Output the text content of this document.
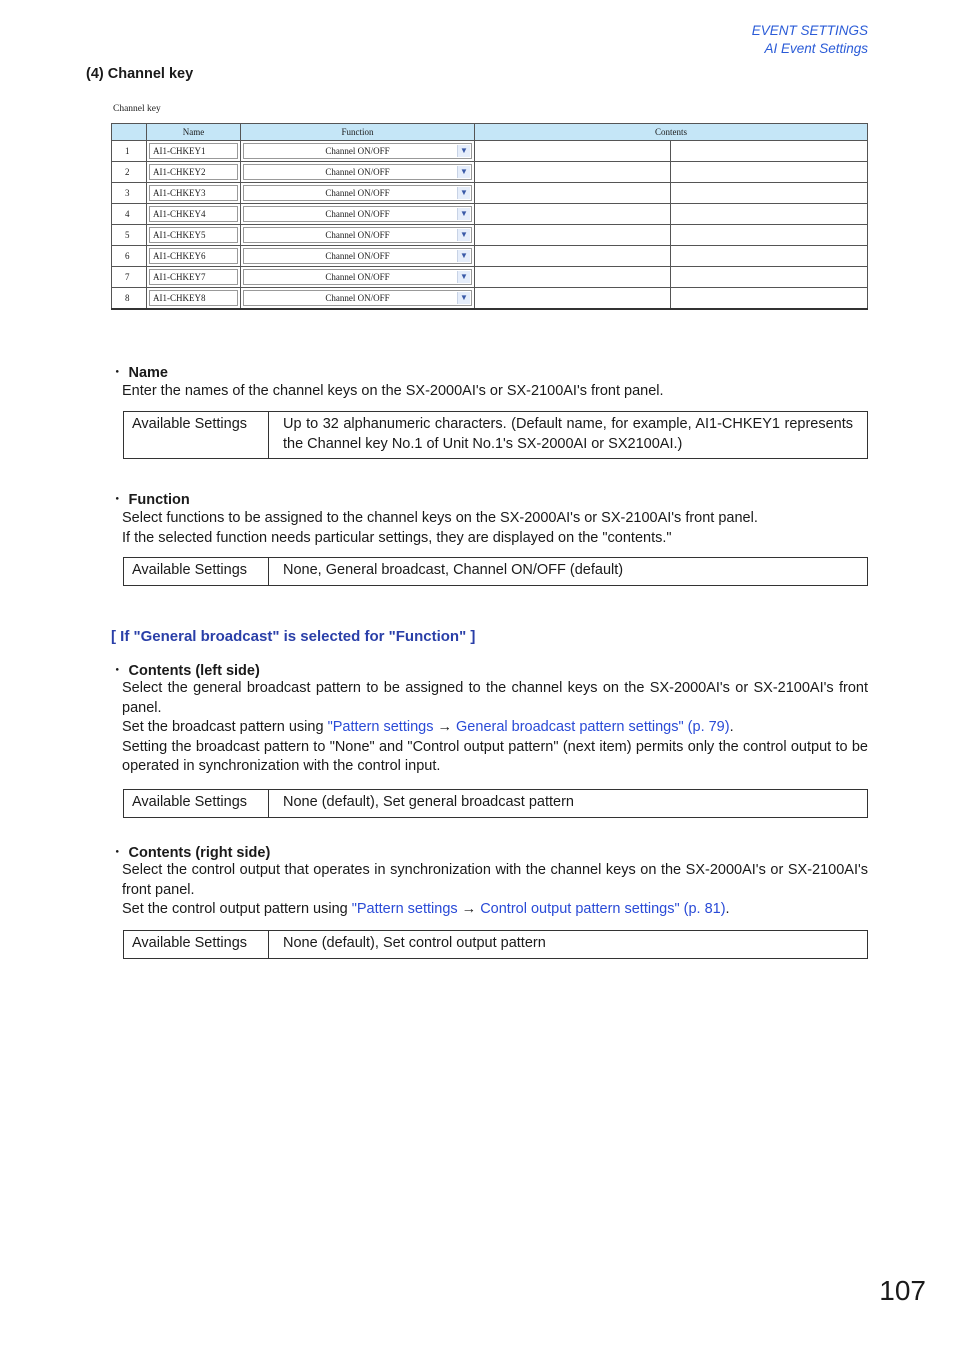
EVENT SETTINGS
AI Event Settings
(4) Channel key
Channel key
	Name	Function	Contents	
1	AI1-CHKEY1	Channel ON/OFF ▼		

2	AI1-CHKEY2	Channel ON/OFF ▼		

3	AI1-CHKEY3	Channel ON/OFF ▼		

4	AI1-CHKEY4	Channel ON/OFF ▼		

5	AI1-CHKEY5	Channel ON/OFF ▼		

6	AI1-CHKEY6	Channel ON/OFF ▼		

7	AI1-CHKEY7	Channel ON/OFF ▼		

8	AI1-CHKEY8	Channel ON/OFF ▼		

・ Name

Enter the names of the channel keys on the SX-2000AI's or SX-2100AI's front panel.

Available Settings	Up to 32 alphanumeric characters. (Default name, for example, AI1-CHKEY1 represents the Channel key No.1 of Unit No.1's SX-2000AI or SX2100AI.)
・ Function

Select functions to be assigned to the channel keys on the SX-2000AI's or SX-2100AI's front panel.

If the selected function needs particular settings, they are displayed on the "contents."

Available Settings	None, General broadcast, Channel ON/OFF (default)
[ If "General broadcast" is selected for "Function" ]
・ Contents (left side)

Select the general broadcast pattern to be assigned to the channel keys on the SX-2000AI's or SX-2100AI's front panel.

Set the broadcast pattern using "Pattern settings → General broadcast pattern settings" (p. 79).

Setting the broadcast pattern to "None" and "Control output pattern" (next item) permits only the control output to be operated in synchronization with the control input.

Available Settings	None (default), Set general broadcast pattern
・ Contents (right side)

Select the control output that operates in synchronization with the channel keys on the SX-2000AI's or SX-2100AI's front panel.

Set the control output pattern using "Pattern settings → Control output pattern settings" (p. 81).

Available Settings	None (default), Set control output pattern
107
